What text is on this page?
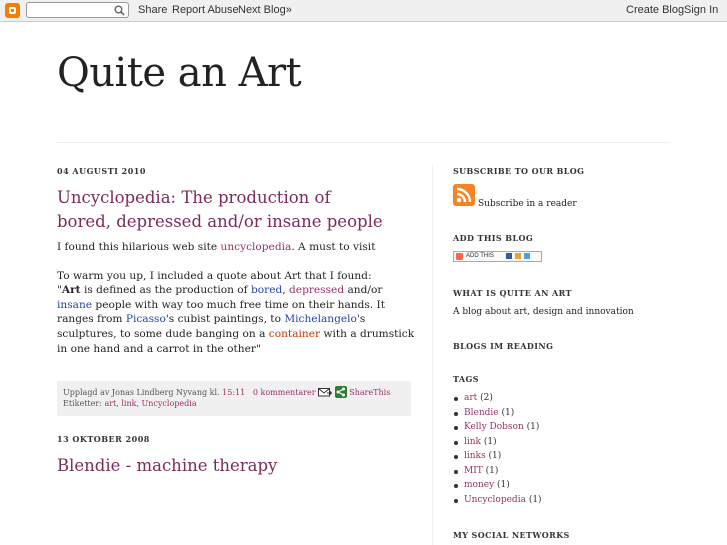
Share Report Abuse Next Blog»	Create Blog Sign In
Quite an Art
04 AUGUSTI 2010
Uncyclopedia: The production of bored, depressed and/or insane people

I found this hilarious web site uncyclopedia. A must to visit

To warm you up, I included a quote about Art that I found:
"Art is defined as the production of bored, depressed and/or insane people with way too much free time on their hands. It ranges from Picasso's cubist paintings, to Michelangelo's sculptures, to some dude banging on a container with a drumstick in one hand and a carrot in the other"

Upplagd av Jonas Lindberg Nyvang kl. 15:11 0 kommentarer	ShareThis
Etiketter: art, link, Uncyclopedia
13 OKTOBER 2008
Blendie - machine therapy
SUBSCRIBE TO OUR BLOG
Subscribe in a reader
ADD THIS BLOG
ADD THIS
WHAT IS QUITE AN ART
A blog about art, design and innovation
BLOGS IM READING
TAGS
art (2)
Blendie (1)
Kelly Dobson (1)
link (1)
links (1)
MIT (1)
money (1)
Uncyclopedia (1)
MY SOCIAL NETWORKS
